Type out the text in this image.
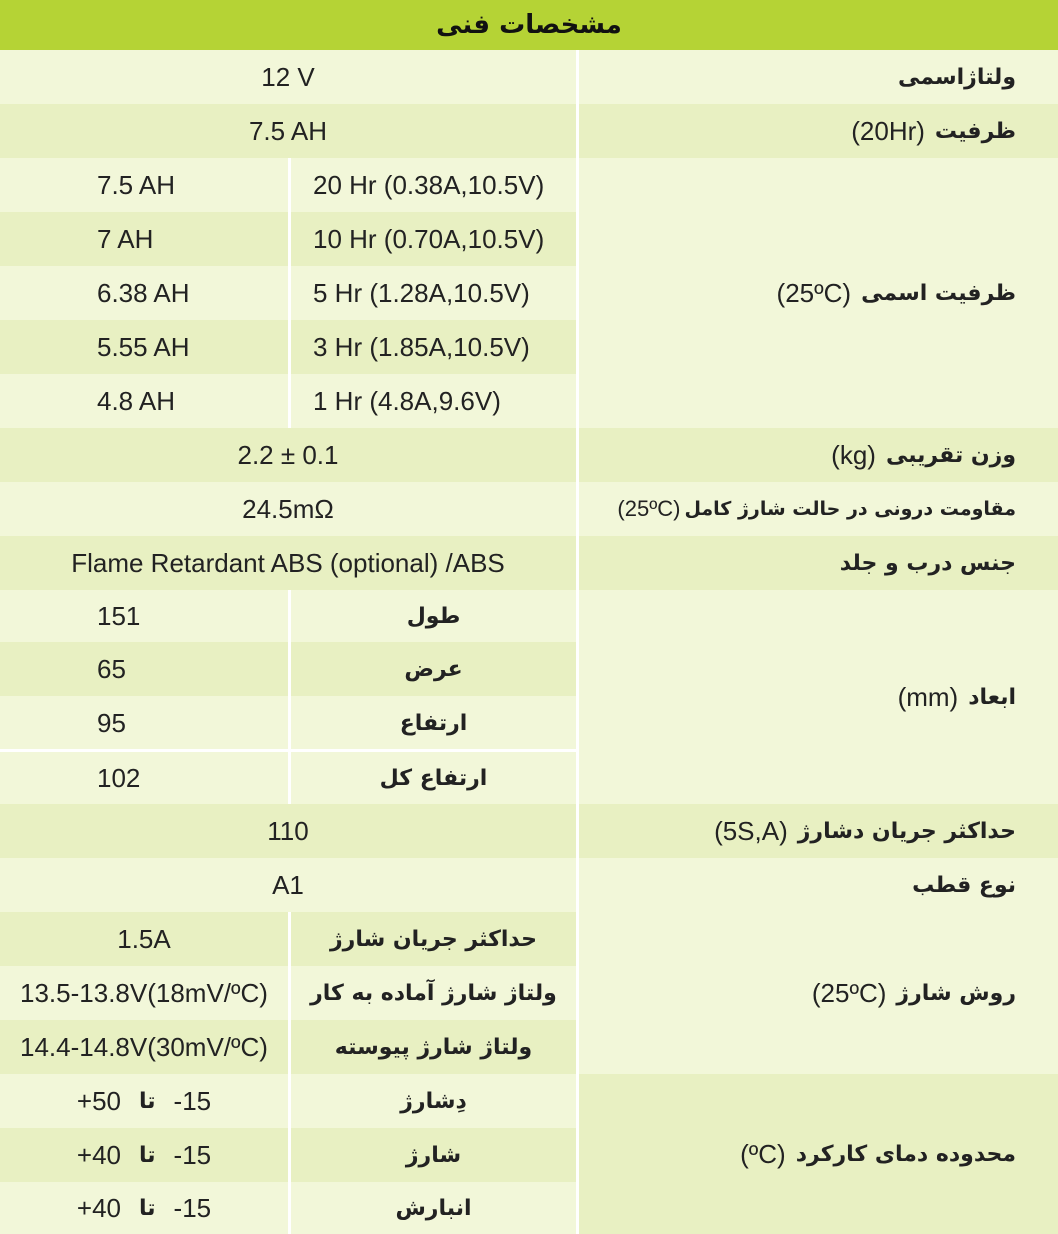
مشخصات فنی
12 V	ولتاژاسمی
7.5 AH	(20Hr) ظرفیت
(25ºC) ظرفیت اسمی
7.5 AH	20 Hr (0.38A,10.5V)
7 AH	10 Hr (0.70A,10.5V)
6.38 AH	5 Hr (1.28A,10.5V)
5.55 AH	3 Hr (1.85A,10.5V)
4.8 AH	1 Hr (4.8A,9.6V)
2.2 ± 0.1	(kg) وزن تقریبی
24.5mΩ	(25ºC) مقاومت درونی در حالت شارژ کامل
Flame Retardant ABS (optional) /ABS	جنس درب و جلد
(mm) ابعاد
151	طول
65	عرض
95	ارتفاع
102	ارتفاع کل
110	(5S,A) حداکثر جریان دشارژ
A1	نوع قطب
(25ºC) روش شارژ
1.5A	حداکثر جریان شارژ
13.5-13.8V(18mV/ºC)	ولتاژ شارژ آماده به کار
14.4-14.8V(30mV/ºC)	ولتاژ شارژ پیوسته
(ºC) محدوده دمای کارکرد
+50 تا -15	دِشارژ
+40 تا -15	شارژ
+40 تا -15	انبارش
